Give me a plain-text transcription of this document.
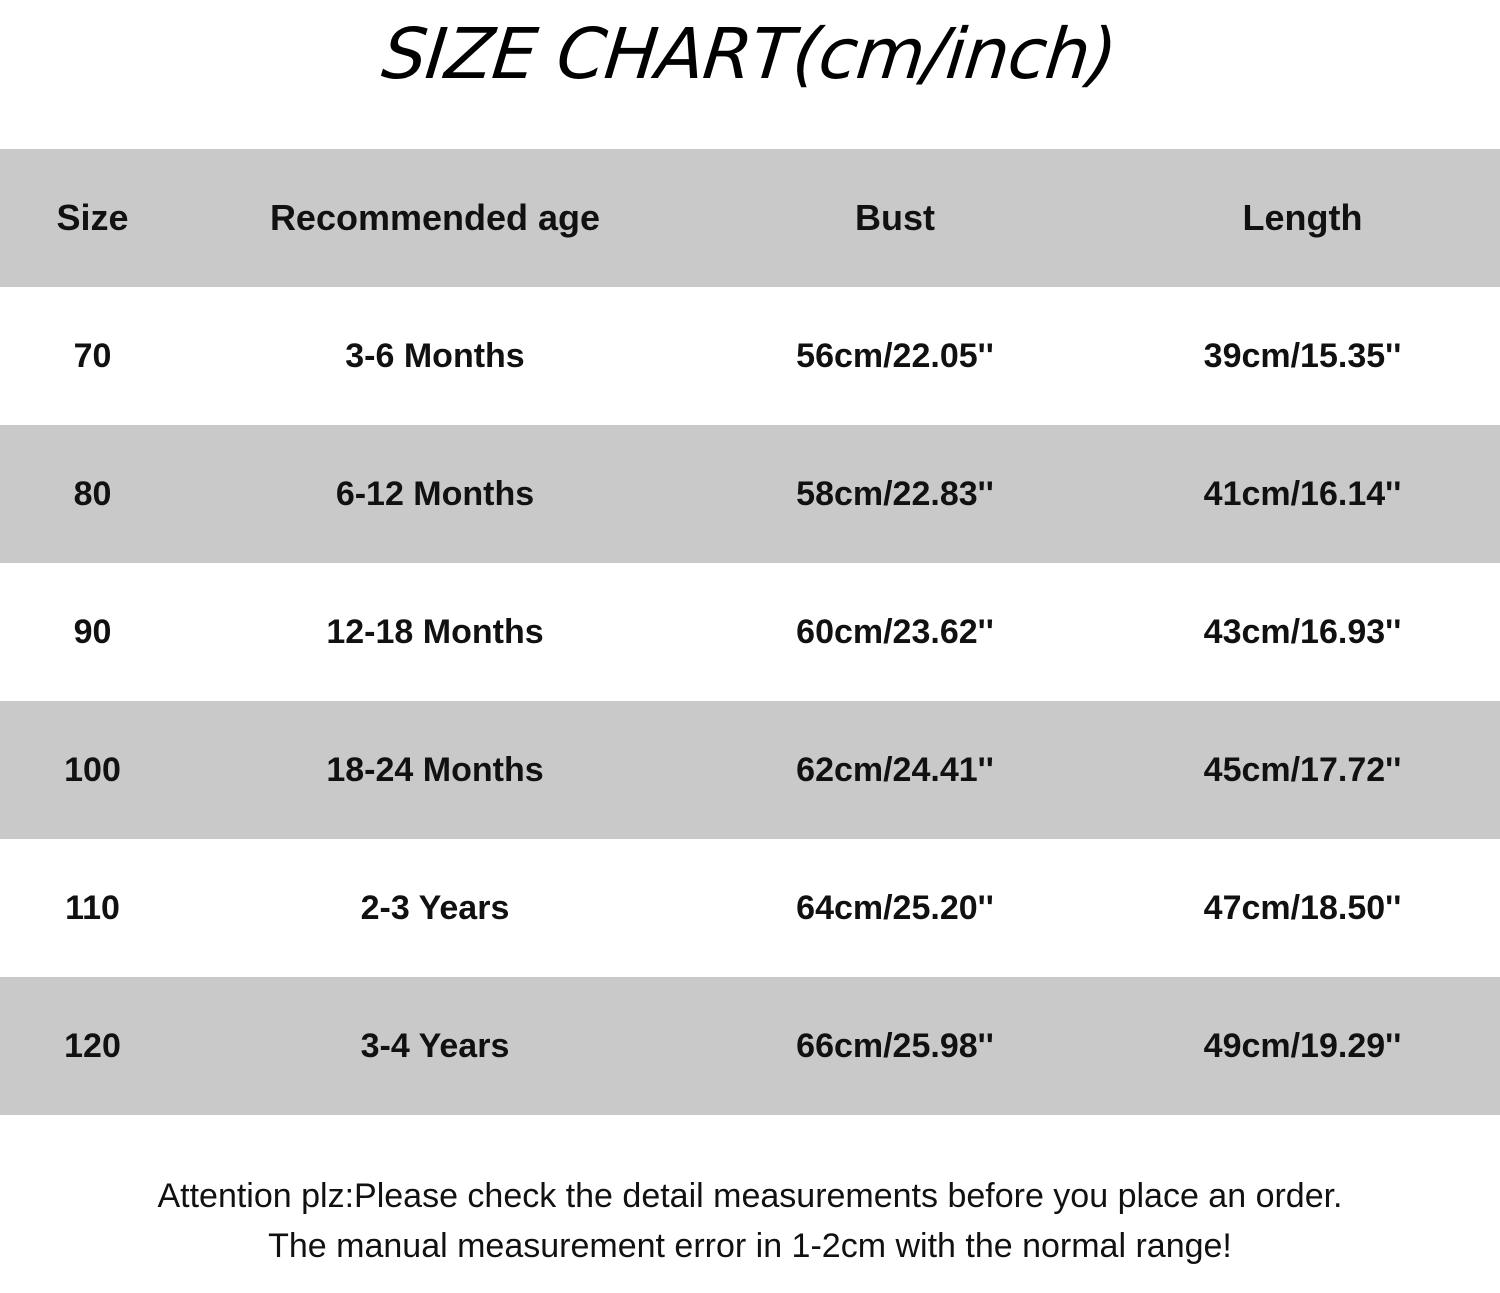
SIZE CHART(cm/inch)
Size	Recommended age	Bust	Length
70	3-6 Months	56cm/22.05''	39cm/15.35''
80	6-12 Months	58cm/22.83''	41cm/16.14''
90	12-18 Months	60cm/23.62''	43cm/16.93''
100	18-24 Months	62cm/24.41''	45cm/17.72''
110	2-3 Years	64cm/25.20''	47cm/18.50''
120	3-4 Years	66cm/25.98''	49cm/19.29''
Attention plz:Please check the detail measurements before you place an order.
The manual measurement error in 1-2cm with the normal range!
